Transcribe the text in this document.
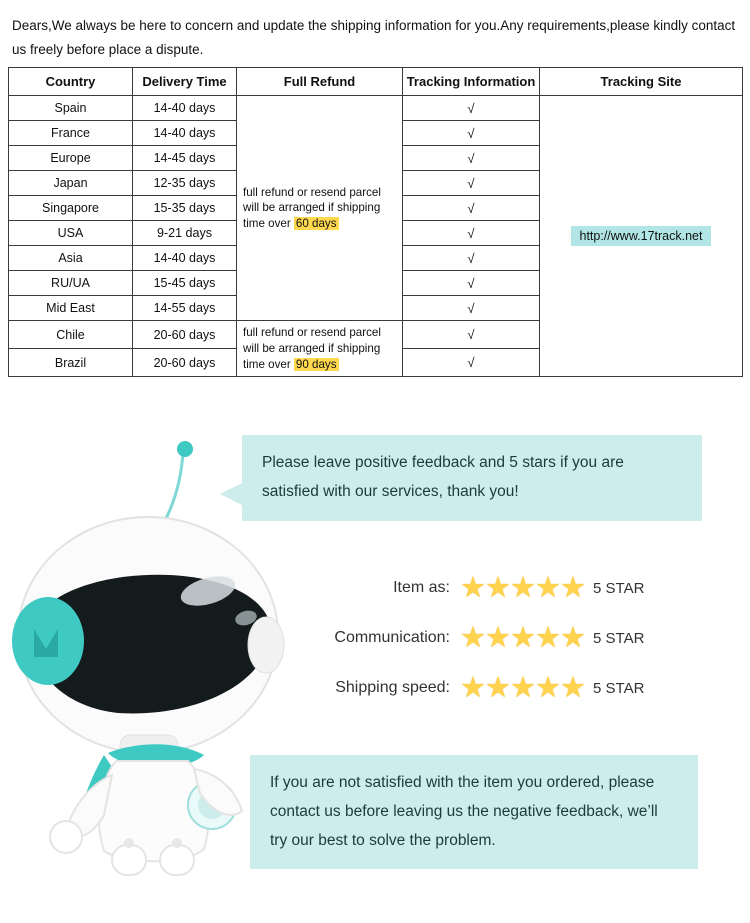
Dears,We always be here to concern and update the shipping information for you.Any requirements,please kindly contact us freely before place a dispute.
Country	Delivery Time	Full Refund	Tracking Information	Tracking Site
Spain	14-40 days	full refund or resend parcel will be arranged if shipping time over 60 days	√	http://www.17track.net
France	14-40 days		√	
Europe	14-45 days		√	
Japan	12-35 days		√	
Singapore	15-35 days		√	
USA	9-21 days		√	
Asia	14-40 days		√	
RU/UA	15-45 days		√	
Mid East	14-55 days		√	
Chile	20-60 days	full refund or resend parcel will be arranged if shipping time over 90 days	√	
Brazil	20-60 days		√	
Please leave positive feedback and 5 stars if you are satisfied with our services, thank you!
Item as: ★ ★ ★ ★ ★ 5 STAR
Communication: ★ ★ ★ ★ ★ 5 STAR
Shipping speed: ★ ★ ★ ★ ★ 5 STAR
If you are not satisfied with the item you ordered, please contact us before leaving us the negative feedback, we’ll try our best to solve the problem.
